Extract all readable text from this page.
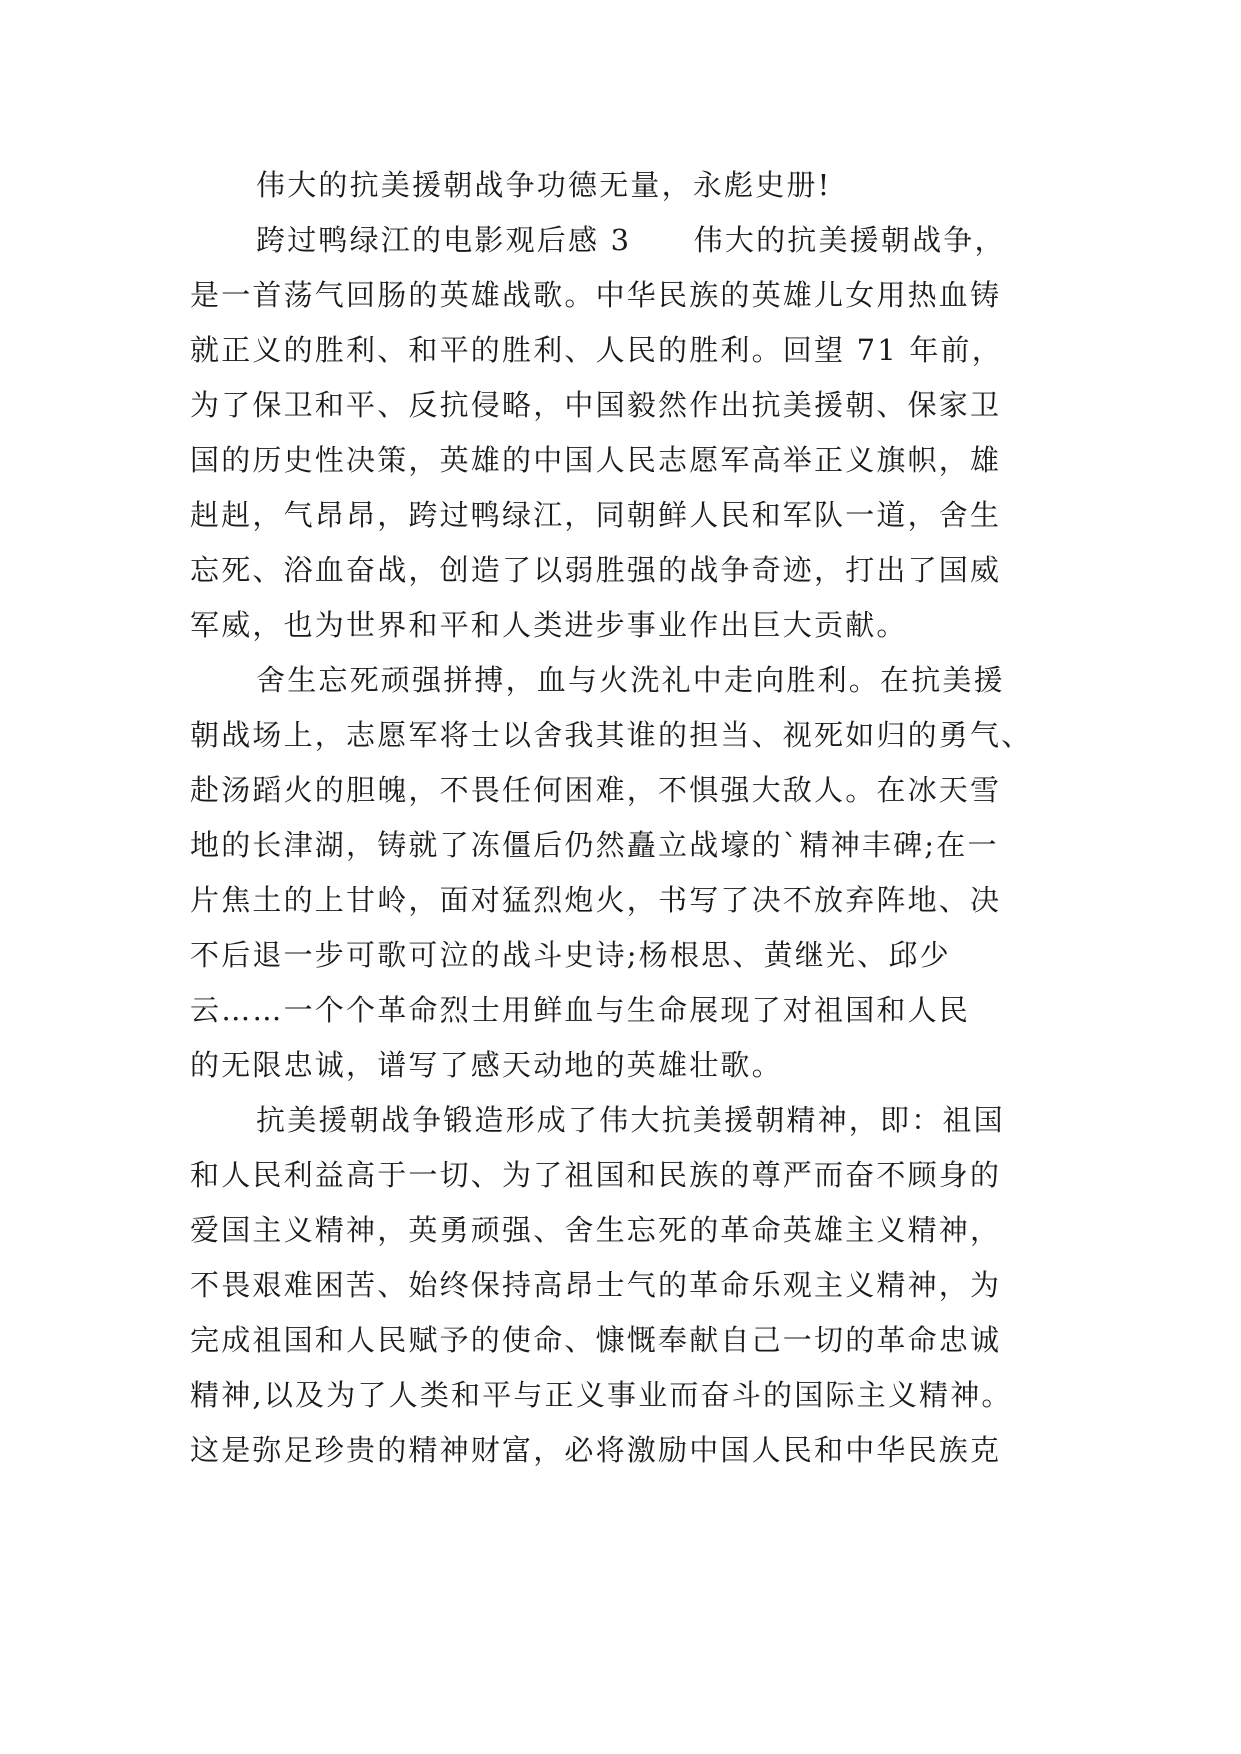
伟大的抗美援朝战争功德无量，永彪史册!
跨过鸭绿江的电影观后感 3　　伟大的抗美援朝战争，
是一首荡气回肠的英雄战歌。中华民族的英雄儿女用热血铸
就正义的胜利、和平的胜利、人民的胜利。回望 71 年前，
为了保卫和平、反抗侵略，中国毅然作出抗美援朝、保家卫
国的历史性决策，英雄的中国人民志愿军高举正义旗帜，雄
赳赳，气昂昂，跨过鸭绿江，同朝鲜人民和军队一道，舍生
忘死、浴血奋战，创造了以弱胜强的战争奇迹，打出了国威
军威，也为世界和平和人类进步事业作出巨大贡献。
舍生忘死顽强拼搏，血与火洗礼中走向胜利。在抗美援
朝战场上，志愿军将士以舍我其谁的担当、视死如归的勇气、
赴汤蹈火的胆魄，不畏任何困难，不惧强大敌人。在冰天雪
地的长津湖，铸就了冻僵后仍然矗立战壕的`精神丰碑;在一
片焦土的上甘岭，面对猛烈炮火，书写了决不放弃阵地、决
不后退一步可歌可泣的战斗史诗;杨根思、黄继光、邱少
云……一个个革命烈士用鲜血与生命展现了对祖国和人民
的无限忠诚，谱写了感天动地的英雄壮歌。
抗美援朝战争锻造形成了伟大抗美援朝精神，即：祖国
和人民利益高于一切、为了祖国和民族的尊严而奋不顾身的
爱国主义精神，英勇顽强、舍生忘死的革命英雄主义精神，
不畏艰难困苦、始终保持高昂士气的革命乐观主义精神，为
完成祖国和人民赋予的使命、慷慨奉献自己一切的革命忠诚
精神,以及为了人类和平与正义事业而奋斗的国际主义精神。
这是弥足珍贵的精神财富，必将激励中国人民和中华民族克
